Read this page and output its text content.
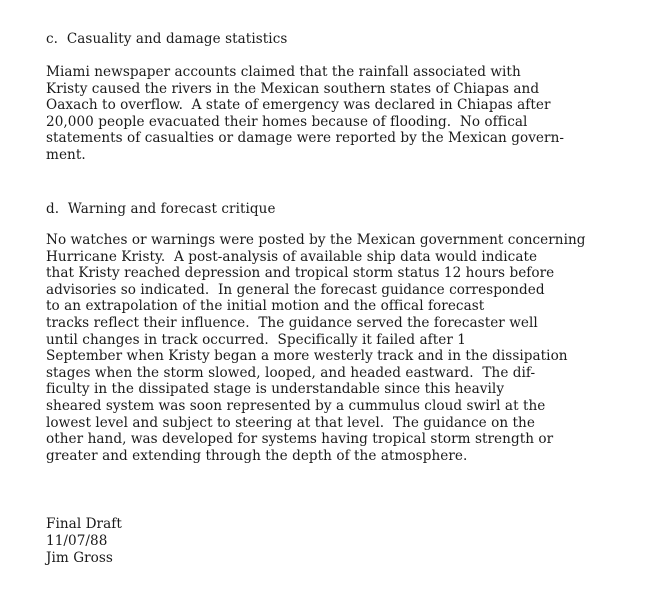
c.  Casuality and damage statistics
Miami newspaper accounts claimed that the rainfall associated with
Kristy caused the rivers in the Mexican southern states of Chiapas and
Oaxach to overflow.  A state of emergency was declared in Chiapas after
20,000 people evacuated their homes because of flooding.  No offical
statements of casualties or damage were reported by the Mexican govern-
ment.
d.  Warning and forecast critique
No watches or warnings were posted by the Mexican government concerning
Hurricane Kristy.  A post-analysis of available ship data would indicate
that Kristy reached depression and tropical storm status 12 hours before
advisories so indicated.  In general the forecast guidance corresponded
to an extrapolation of the initial motion and the offical forecast
tracks reflect their influence.  The guidance served the forecaster well
until changes in track occurred.  Specifically it failed after 1
September when Kristy began a more westerly track and in the dissipation
stages when the storm slowed, looped, and headed eastward.  The dif-
ficulty in the dissipated stage is understandable since this heavily
sheared system was soon represented by a cummulus cloud swirl at the
lowest level and subject to steering at that level.  The guidance on the
other hand, was developed for systems having tropical storm strength or
greater and extending through the depth of the atmosphere.
Final Draft
11/07/88
Jim Gross
